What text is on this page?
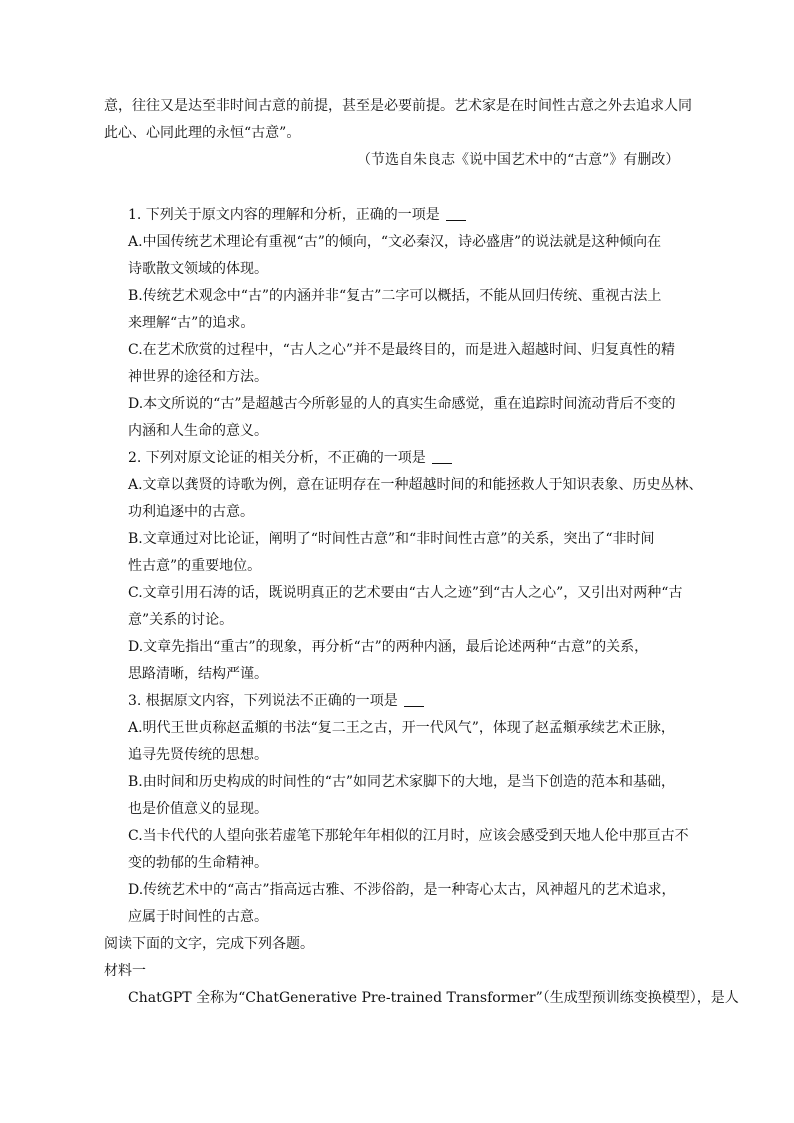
意，往往又是达至非时间古意的前提，甚至是必要前提。艺术家是在时间性古意之外去追求人同
此心、心同此理的永恒“古意”。
（节选自朱良志《说中国艺术中的“古意”》有删改）
1. 下列关于原文内容的理解和分析，正确的一项是
A.中国传统艺术理论有重视“古”的倾向，“文必秦汉，诗必盛唐”的说法就是这种倾向在
诗歌散文领域的体现。
B.传统艺术观念中“古”的内涵并非“复古”二字可以概括，不能从回归传统、重视古法上
来理解“古”的追求。
C.在艺术欣赏的过程中，“古人之心”并不是最终目的，而是进入超越时间、归复真性的精
神世界的途径和方法。
D.本文所说的“古”是超越古今所彰显的人的真实生命感觉，重在追踪时间流动背后不变的
内涵和人生命的意义。
2. 下列对原文论证的相关分析，不正确的一项是
A.文章以龚贤的诗歌为例，意在证明存在一种超越时间的和能拯救人于知识表象、历史丛林、
功利追逐中的古意。
B.文章通过对比论证，阐明了“时间性古意”和“非时间性古意”的关系，突出了“非时间
性古意”的重要地位。
C.文章引用石涛的话，既说明真正的艺术要由“古人之迹”到“古人之心”，又引出对两种“古
意”关系的讨论。
D.文章先指出“重古”的现象，再分析“古”的两种内涵，最后论述两种“古意”的关系，
思路清晰，结构严谨。
3. 根据原文内容，下列说法不正确的一项是
A.明代王世贞称赵孟頫的书法“复二王之古，开一代风气”，体现了赵孟頫承续艺术正脉，
追寻先贤传统的思想。
B.由时间和历史构成的时间性的“古”如同艺术家脚下的大地，是当下创造的范本和基础，
也是价值意义的显现。
C.当卡代代的人望向张若虚笔下那轮年年相似的江月时，应该会感受到天地人伦中那亘古不
变的勃郁的生命精神。
D.传统艺术中的“高古”指高远古雅、不涉俗韵，是一种寄心太古，风神超凡的艺术追求，
应属于时间性的古意。
阅读下面的文字，完成下列各题。
材料一
ChatGPT 全称为“ChatGenerative Pre-trained Transformer”（生成型预训练变换模型），是人
